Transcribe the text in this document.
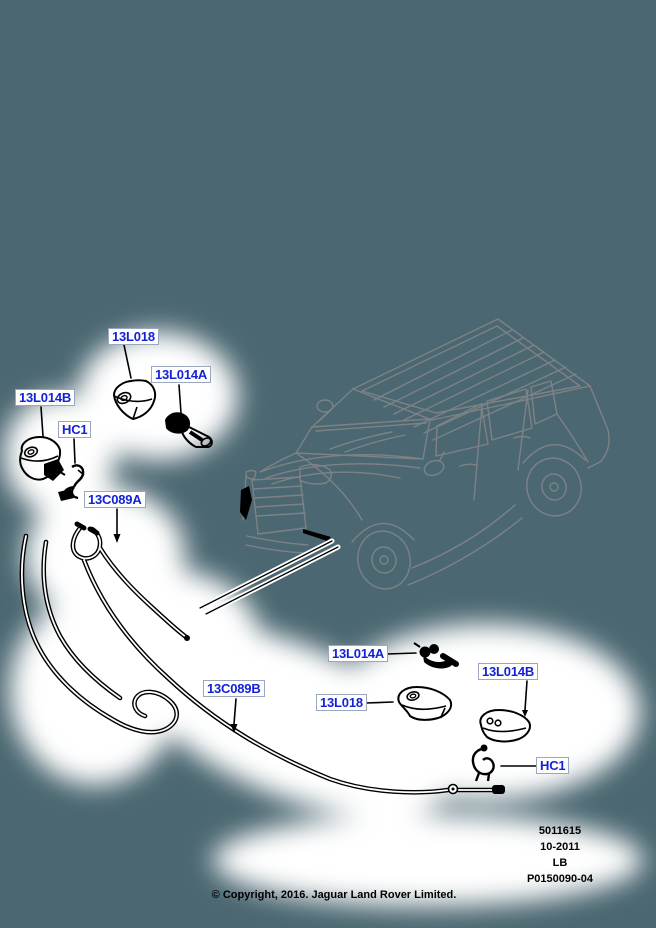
13L018
13L014A
13L014B
HC1
13C089A
13C089B
13L014A
13L018
13L014B
HC1
5011615
10-2011
LB
P0150090-04
© Copyright, 2016. Jaguar Land Rover Limited.
